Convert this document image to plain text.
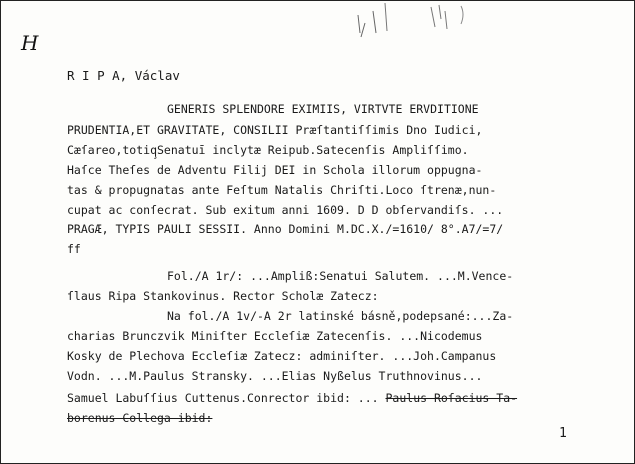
H
R I P A, Václav
GENERIS SPLENDORE EXIMIIS, VIRTVTE ERVDITIONE
PRUDENTIA,ET GRAVITATE, CONSILII Præſtantiſſimis Dno Iudici,
Cæſareo,totiq̧Senatuī inclytæ Reipub.Satecenſis Ampliſſimo.
Haſce Theſes de Adventu Filij DEI in Schola illorum oppugna-
tas & propugnatas ante Feſtum Natalis Chriſti.Loco ſtrenæ,nun-
cupat ac conſecrat. Sub exitum anni 1609. D D obſervandiſs. ...
PRAGÆ, TYPIS PAULI SESSII. Anno Domini M.DC.X./=1610/ 8°.A7/=7/
ff
Fol./A 1r/: ...Ampliß:Senatui Salutem. ...M.Vence-
ſlaus Ripa Stankovinus. Rector Scholæ Zatecz:
Na fol./A 1v/-A 2r latinské básně,podepsané:...Za-
charias Brunczvik Miniſter Eccleſiæ Zatecenſis. ...Nicodemus
Kosky de Plechova Eccleſiæ Zatecz: adminiſter. ...Joh.Campanus
Vodn. ...M.Paulus Stransky. ...Elias Nyßelus Truthnovinus...
Samuel Labuſſius Cuttenus.Conrector ibid: ... Paulus Roſacius Ta-
borenus Collega ibid:
1
